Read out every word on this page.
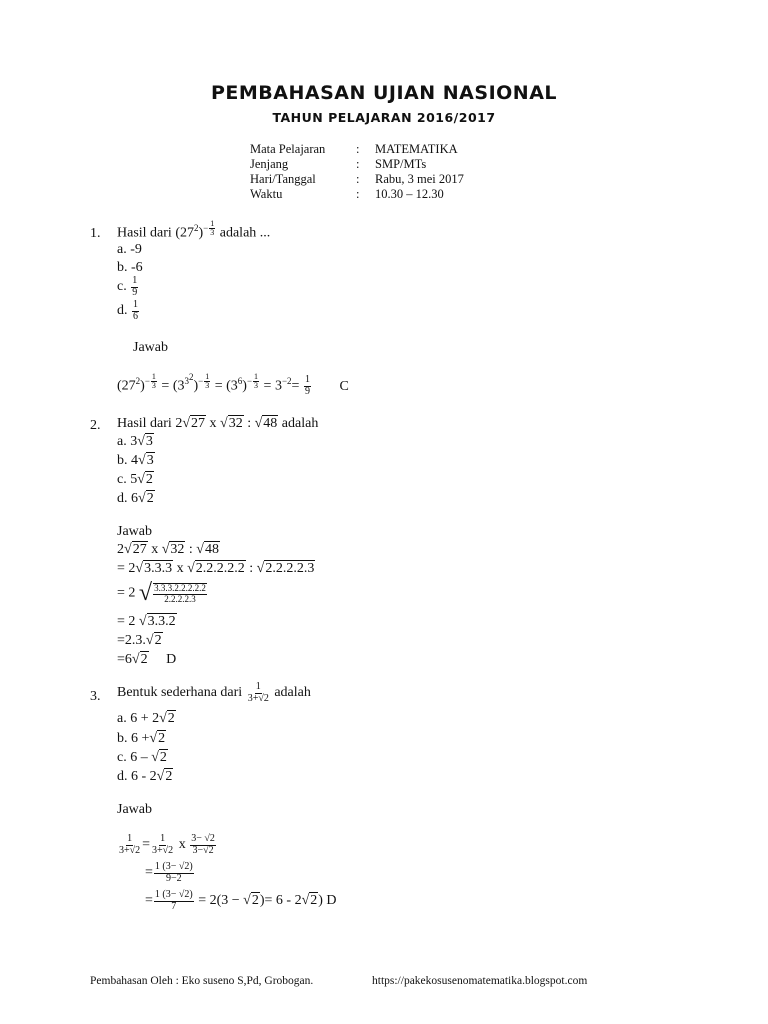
PEMBAHASAN UJIAN NASIONAL
TAHUN PELAJARAN 2016/2017
Mata Pelajaran : MATEMATIKA
Jenjang	: SMP/MTs
Hari/Tanggal	: Rabu, 3 mei 2017
Waktu	: 10.30 – 12.30
1. Hasil dari $(27^2)^{- \frac{1}{3}}$ adalah ...
a. -9
b. -6
c. $\frac{1}{9}$
d. $\frac{1}{6}$
Jawab
$(27^2)^{- \frac{1}{3}} = (3^{3^2})^{- \frac{1}{3}} = (3^6)^{- \frac{1}{3}} = 3^{-2}= \frac{1}{9}$ C
2. Hasil dari 2√27 x √32 : √48 adalah
a. 3√3
b. 4√3
c. 5√2
d. 6√2
Jawab
2√27 x √32 : √48
= 2√3.3.3 x √2.2.2.2.2 : √2.2.2.2.3
= 2 √ $\frac{3.3.3.2.2.2.2.2}{2.2.2.2.3}$
= 2 √3.3.2
=2.3.√2
=6√2 D
3. Bentuk sederhana dari $\frac{1}{3+√2}$ adalah
a. 6 + 2√2
b. 6 +√2
c. 6 – √2
d. 6 - 2√2
Jawab
$\frac{1}{3+√2} = \frac{1}{3+√2}$ x $\frac{3- √2}{3-√2}$
= $\frac{1 (3- √2)}{9-2}$
= $\frac{1 (3- √2)}{7} = 2(3 - √2)= 6 - 2√2$) D
Pembahasan Oleh : Eko suseno S,Pd, Grobogan.	https://pakekosusenomatematika.blogspot.com
